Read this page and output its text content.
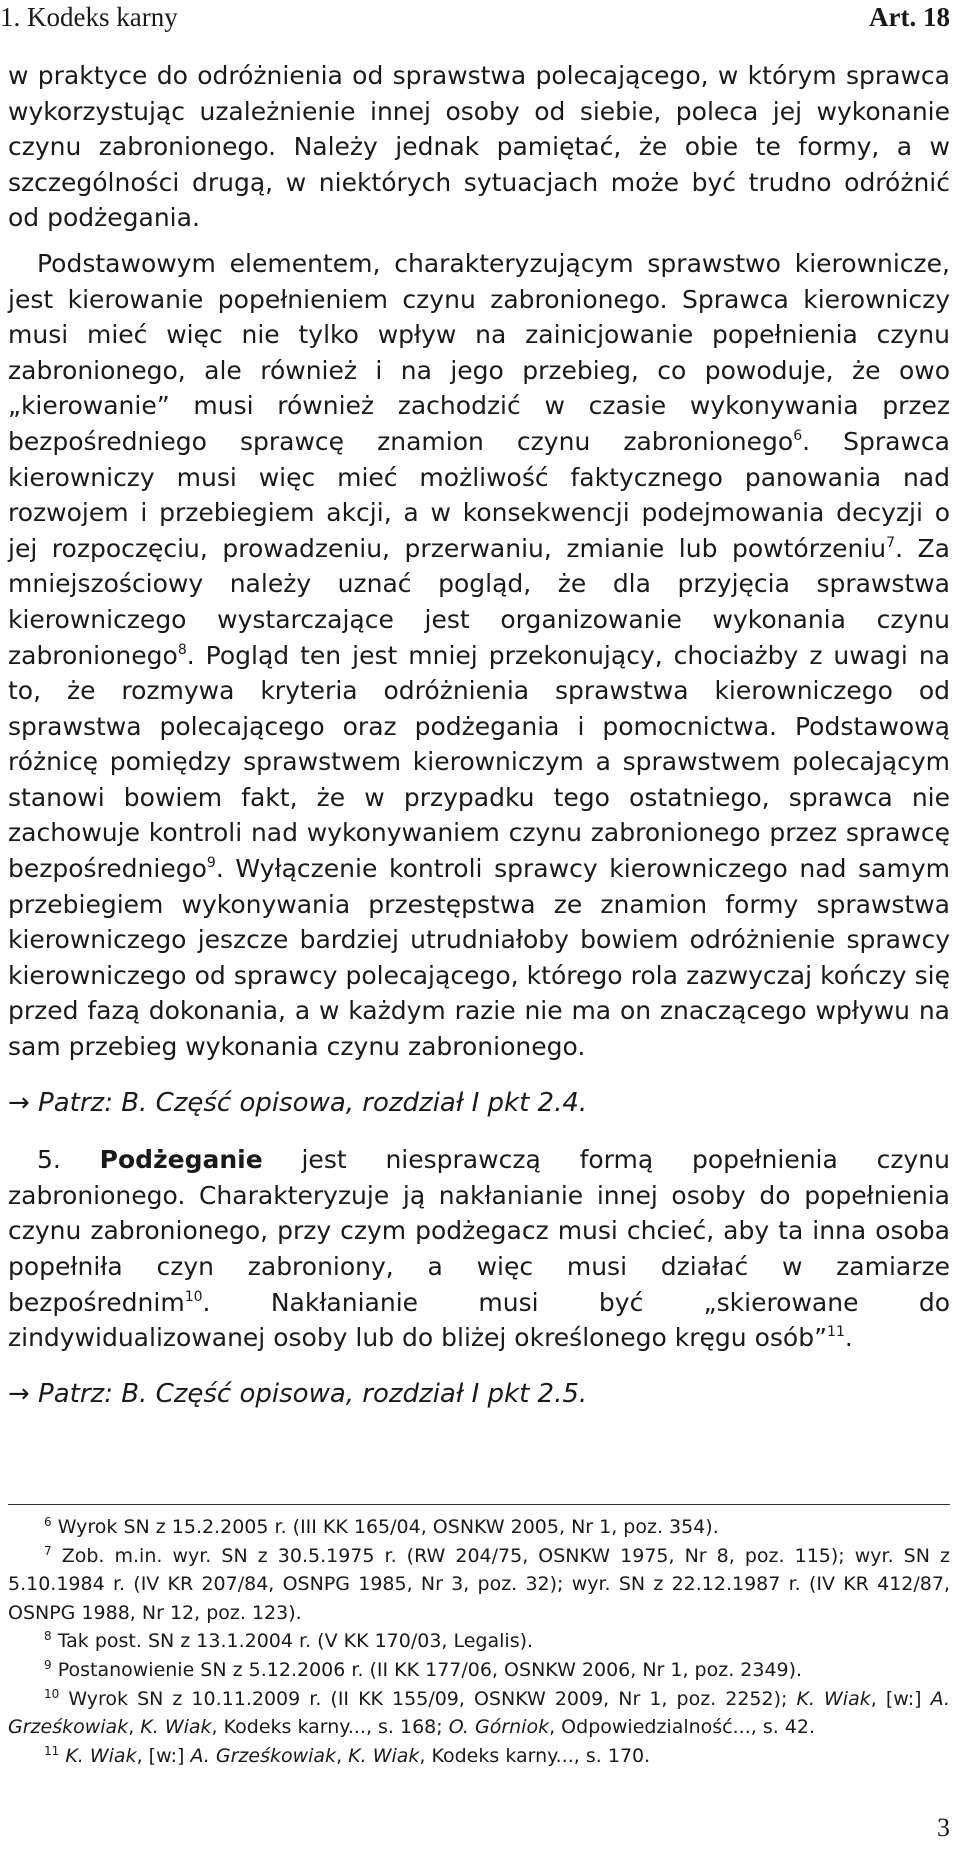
1. Kodeks karny	Art. 18

w praktyce do odróżnienia od sprawstwa polecającego, w którym sprawca wykorzystując uzależnienie innej osoby od siebie, poleca jej wykonanie czynu zabronionego. Należy jednak pamiętać, że obie te formy, a w szczególności drugą, w niektórych sytuacjach może być trudno odróżnić od podżegania.

Podstawowym elementem, charakteryzującym sprawstwo kierownicze, jest kierowanie popełnieniem czynu zabronionego. Sprawca kierowniczy musi mieć więc nie tylko wpływ na zainicjowanie popełnienia czynu zabronionego, ale również i na jego przebieg, co powoduje, że owo „kierowanie” musi również zachodzić w czasie wykonywania przez bezpośredniego sprawcę znamion czynu zabronionego$^6$. Sprawca kierowniczy musi więc mieć możliwość faktycznego panowania nad rozwojem i przebiegiem akcji, a w konsekwencji podejmowania decyzji o jej rozpoczęciu, prowadzeniu, przerwaniu, zmianie lub powtórzeniu$^7$. Za mniejszościowy należy uznać pogląd, że dla przyjęcia sprawstwa kierowniczego wystarczające jest organizowanie wykonania czynu zabronionego$^8$. Pogląd ten jest mniej przekonujący, chociażby z uwagi na to, że rozmywa kryteria odróżnienia sprawstwa kierowniczego od sprawstwa polecającego oraz podżegania i pomocnictwa. Podstawową różnicę pomiędzy sprawstwem kierowniczym a sprawstwem polecającym stanowi bowiem fakt, że w przypadku tego ostatniego, sprawca nie zachowuje kontroli nad wykonywaniem czynu zabronionego przez sprawcę bezpośredniego$^9$. Wyłączenie kontroli sprawcy kierowniczego nad samym przebiegiem wykonywania przestępstwa ze znamion formy sprawstwa kierowniczego jeszcze bardziej utrudniałoby bowiem odróżnienie sprawcy kierowniczego od sprawcy polecającego, którego rola zazwyczaj kończy się przed fazą dokonania, a w każdym razie nie ma on znaczącego wpływu na sam przebieg wykonania czynu zabronionego.

→ Patrz: B. Część opisowa, rozdział I pkt 2.4.

5. Podżeganie jest niesprawczą formą popełnienia czynu zabronionego. Charakteryzuje ją nakłanianie innej osoby do popełnienia czynu zabronionego, przy czym podżegacz musi chcieć, aby ta inna osoba popełniła czyn zabroniony, a więc musi działać w zamiarze bezpośrednim$^{10}$. Nakłanianie musi być „skierowane do zindywidualizowanej osoby lub do bliżej określonego kręgu osób”$^{11}$.

→ Patrz: B. Część opisowa, rozdział I pkt 2.5.

$^6$ Wyrok SN z 15.2.2005 r. (III KK 165/04, OSNKW 2005, Nr 1, poz. 354).

$^7$ Zob. m.in. wyr. SN z 30.5.1975 r. (RW 204/75, OSNKW 1975, Nr 8, poz. 115); wyr. SN z 5.10.1984 r. (IV KR 207/84, OSNPG 1985, Nr 3, poz. 32); wyr. SN z 22.12.1987 r. (IV KR 412/87, OSNPG 1988, Nr 12, poz. 123).

$^8$ Tak post. SN z 13.1.2004 r. (V KK 170/03, Legalis).

$^9$ Postanowienie SN z 5.12.2006 r. (II KK 177/06, OSNKW 2006, Nr 1, poz. 2349).

$^{10}$ Wyrok SN z 10.11.2009 r. (II KK 155/09, OSNKW 2009, Nr 1, poz. 2252); K. Wiak, [w:] A. Grześkowiak, K. Wiak, Kodeks karny..., s. 168; O. Górniok, Odpowiedzialność..., s. 42.

$^{11}$ K. Wiak, [w:] A. Grześkowiak, K. Wiak, Kodeks karny..., s. 170.

3
